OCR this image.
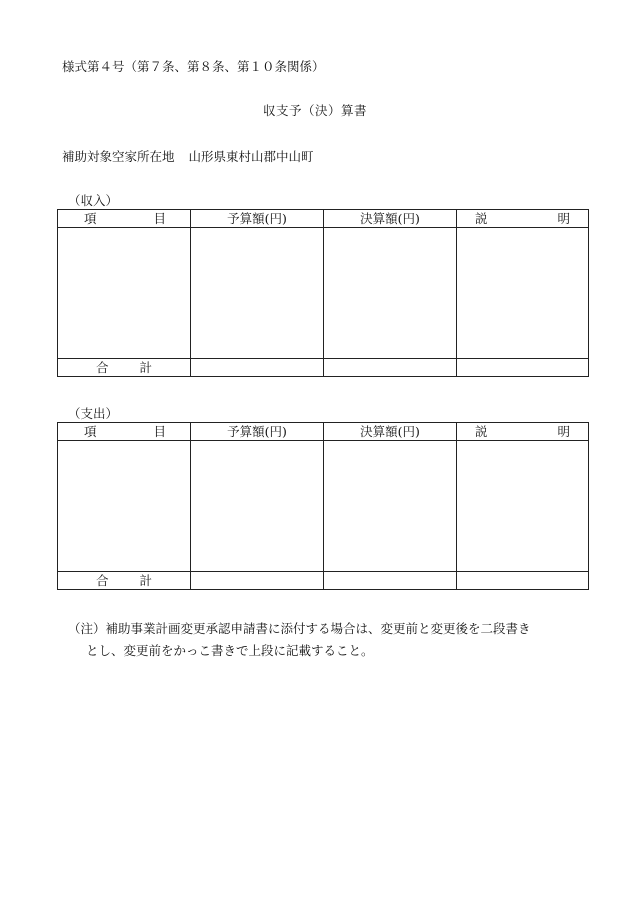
様式第４号（第７条、第８条、第１０条関係）
収支予（決）算書
補助対象空家所在地 山形県東村山郡中山町
（収入）
項 目	予算額(円)	決算額(円)	説 明

合 計			

（支出）
項 目	予算額(円)	決算額(円)	説 明

合 計			

（注）補助事業計画変更承認申請書に添付する場合は、変更前と変更後を二段書き
とし、変更前をかっこ書きで上段に記載すること。
